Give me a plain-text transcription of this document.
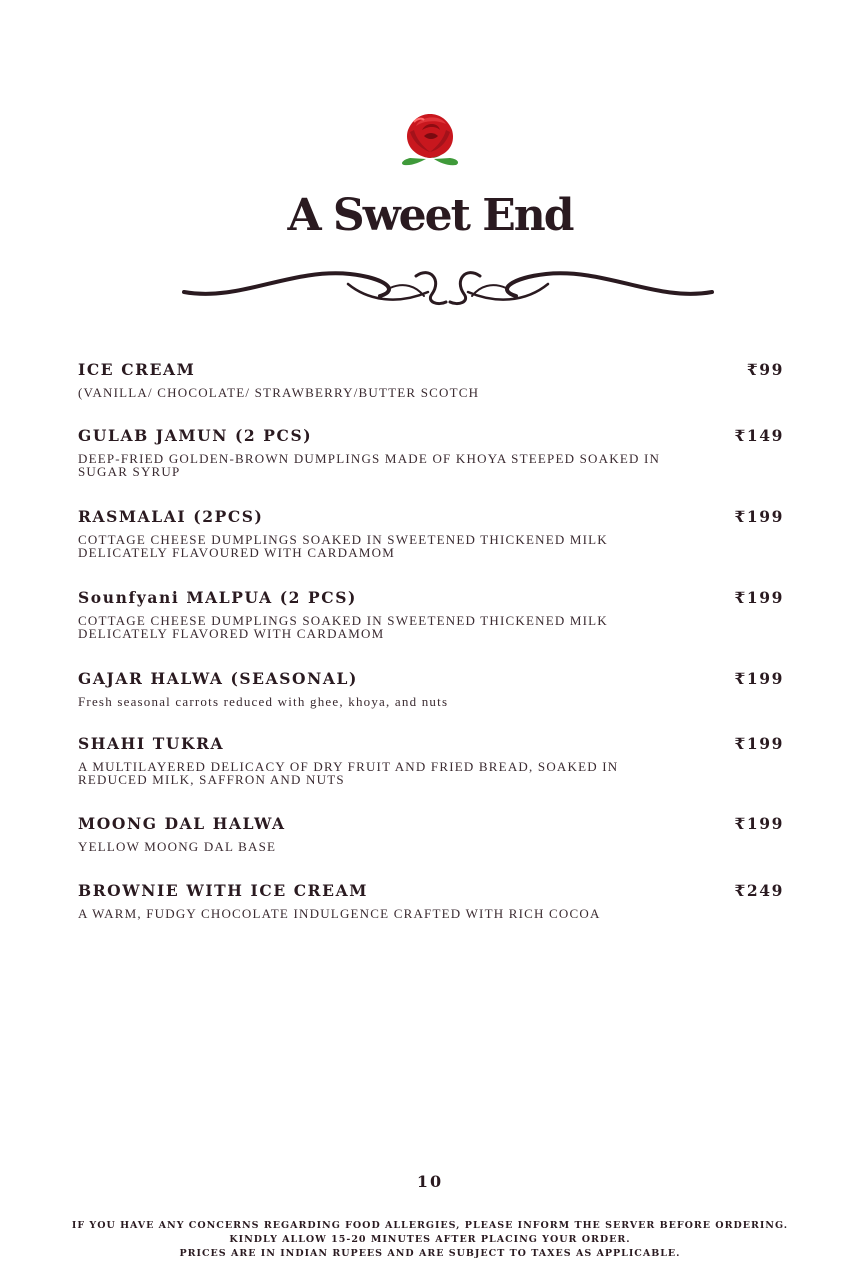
A Sweet End
ICE CREAM	₹99
(VANILLA/ CHOCOLATE/ STRAWBERRY/BUTTER SCOTCH
GULAB JAMUN (2 PCS)	₹149
DEEP-FRIED GOLDEN-BROWN DUMPLINGS MADE OF KHOYA STEEPED SOAKED IN SUGAR SYRUP
RASMALAI (2PCS)	₹199
COTTAGE CHEESE DUMPLINGS SOAKED IN SWEETENED THICKENED MILK DELICATELY FLAVOURED WITH CARDAMOM
Sounfyani MALPUA (2 PCS)	₹199
COTTAGE CHEESE DUMPLINGS SOAKED IN SWEETENED THICKENED MILK DELICATELY FLAVORED WITH CARDAMOM
GAJAR HALWA (SEASONAL)	₹199
Fresh seasonal carrots reduced with ghee, khoya, and nuts
SHAHI TUKRA	₹199
A MULTILAYERED DELICACY OF DRY FRUIT AND FRIED BREAD, SOAKED IN REDUCED MILK, SAFFRON AND NUTS
MOONG DAL HALWA	₹199
YELLOW MOONG DAL BASE
BROWNIE WITH ICE CREAM	₹249
A WARM, FUDGY CHOCOLATE INDULGENCE CRAFTED WITH RICH COCOA
10
IF YOU HAVE ANY CONCERNS REGARDING FOOD ALLERGIES, PLEASE INFORM THE SERVER BEFORE ORDERING.
KINDLY ALLOW 15-20 MINUTES AFTER PLACING YOUR ORDER.
PRICES ARE IN INDIAN RUPEES AND ARE SUBJECT TO TAXES AS APPLICABLE.
